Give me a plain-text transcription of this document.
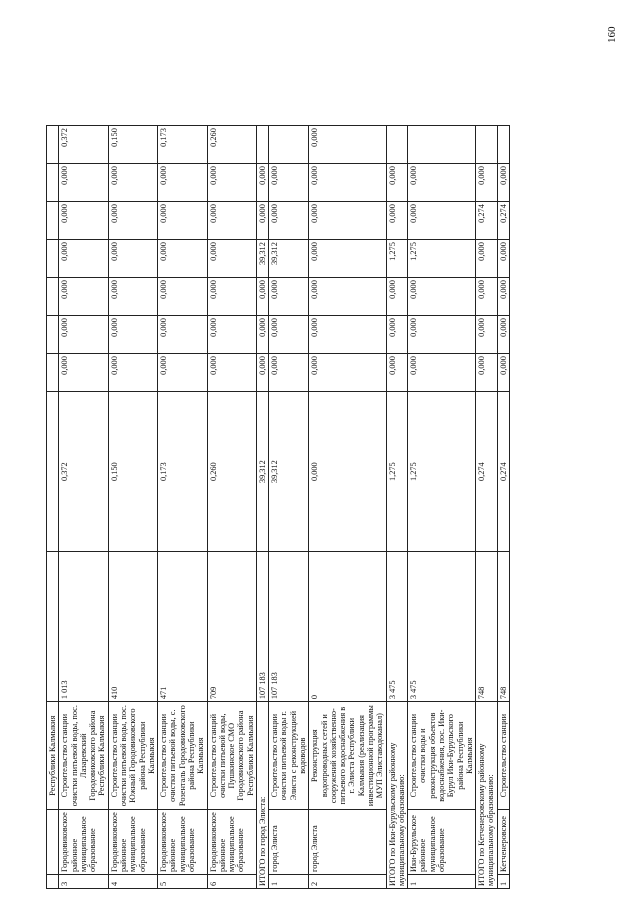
160
		Республики Калмыкия									
3	Городовиковское районное муниципальное образование	Строительство станции очистки питьевой воды, пос. Лазаревский Городовиковского района Республики Калмыкия	1 013	0,372	0,000	0,000	0,000	0,000	0,000	0,000	0,372
4	Городовиковское районное муниципальное образование	Строительство станции очистки питьевой воды, пос. Южный Городовиковского района Республики Калмыкия	410	0,150	0,000	0,000	0,000	0,000	0,000	0,000	0,150
5	Городовиковское районное муниципальное образование	Строительство станции очистки питьевой воды, с. Розенталь Городовиковского района Республики Калмыкия	471	0,173	0,000	0,000	0,000	0,000	0,000	0,000	0,173
6	Городовиковское районное муниципальное образование	Строительство станций очистки питьевой воды, Пушкинское СМО Городовиковского района Республики Калмыкия	709	0,260	0,000	0,000	0,000	0,000	0,000	0,000	0,260
ИТОГО по город Элиста:			107 183	39,312	0,000	0,000	0,000	39,312	0,000	0,000	
1	город Элиста	Строительство станции очистки питьевой воды г. Элиста с реконструкцией водоводов	107 183	39,312	0,000	0,000	0,000	39,312	0,000	0,000	
2	город Элиста	Реконструкция водопроводных сетей и сооружений хозяйственно-питьевого водоснабжения в г. Элиста Республики Калмыкия (реализация инвестиционной программы МУП Элиставодоканал)	0	0,000	0,000	0,000	0,000	0,000	0,000	0,000	0,000
ИТОГО по Ики-Бурульскому районному муниципальному образованию:			3 475	1,275	0,000	0,000	0,000	1,275	0,000	0,000	
1	Ики-Бурульское районное муниципальное образование	Строительство станции очистки воды и реконструкция объектов водоснабжения, пос. Ики-Бурул Ики-Бурульского района Республики Калмыкия	3 475	1,275	0,000	0,000	0,000	1,275	0,000	0,000	
ИТОГО по Кетченеровскому районному муниципальному образованию:			748	0,274	0,000	0,000	0,000	0,000	0,274	0,000	
1	Кетченеровское	Строительство станции	748	0,274	0,000	0,000	0,000	0,000	0,274	0,000	
